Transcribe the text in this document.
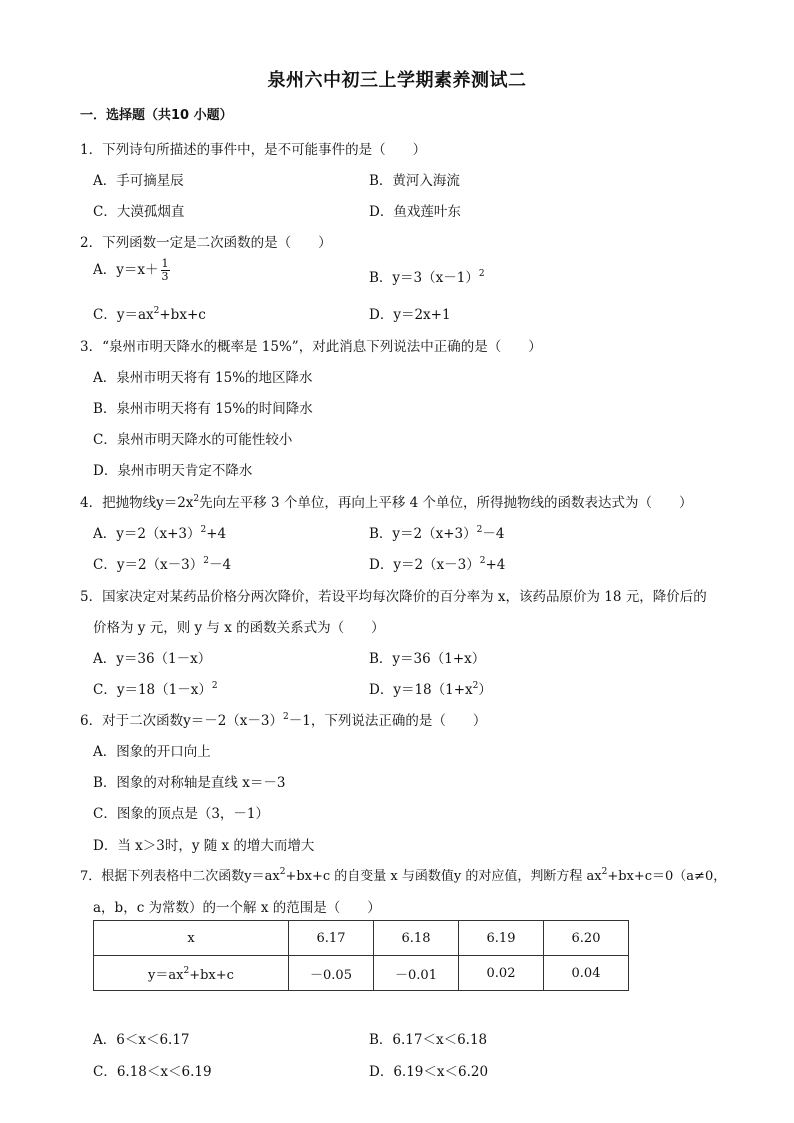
泉州六中初三上学期素养测试二
一．选择题（共10 小题）
1．下列诗句所描述的事件中，是不可能事件的是（　　）
A．手可摘星辰	B．黄河入海流
C．大漠孤烟直	D．鱼戏莲叶东
2．下列函数一定是二次函数的是（　　）
A．$y=x+ \frac{1}{3}$	B．$y=3(x-1)^2$
C．$y=ax^2+bx+c$	D．y＝2x+1
3．“泉州市明天降水的概率是 15%”，对此消息下列说法中正确的是（　　）
A．泉州市明天将有 15%的地区降水
B．泉州市明天将有 15%的时间降水
C．泉州市明天降水的可能性较小
D．泉州市明天肯定不降水
4．把抛物线$y=2x^2$先向左平移 3 个单位，再向上平移 4 个单位，所得抛物线的函数表达式为（　　）
A．$y=2(x+3)^2+4$	B．$y=2(x+3)^2-4$
C．$y=2(x-3)^2-4$	D．$y=2(x-3)^2+4$
5．国家决定对某药品价格分两次降价，若设平均每次降价的百分率为 x，该药品原价为 18 元，降价后的
价格为 y 元，则 y 与 x 的函数关系式为（　　）
A．y＝36（1－x）	B．y＝36（1+x）
C．$y=18(1-x)^2$	D．$y=18(1+x^2)$
6．对于二次函数$y=-2(x-3)^2-1$，下列说法正确的是（　　）
A．图象的开口向上
B．图象的对称轴是直线 x＝－3
C．图象的顶点是（3，－1）
D．当 x＞3时，y 随 x 的增大而增大
7．根据下列表格中二次函数$y=ax^2+bx+c$ 的自变量 x 与函数值y 的对应值，判断方程 $ax^2+bx+c=0(a\ne 0$，
a，b，c 为常数）的一个解 x 的范围是（　　）
x	6.17	6.18	6.19	6.20
$y=ax^2+bx+c$	－0.05	－0.01	0.02	0.04
A．6＜x＜6.17	B．6.17＜x＜6.18
C．6.18＜x＜6.19	D．6.19＜x＜6.20
